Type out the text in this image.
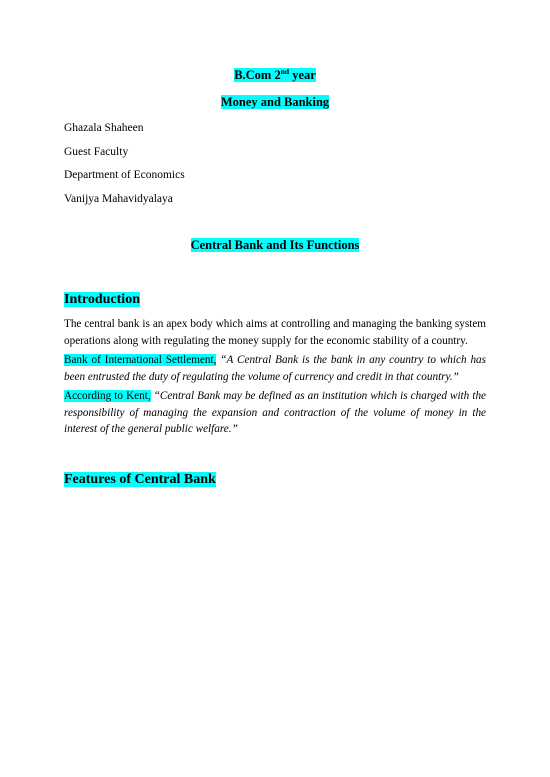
B.Com 2nd year
Money and Banking
Ghazala Shaheen
Guest Faculty
Department of Economics
Vanijya Mahavidyalaya
Central Bank and Its Functions
Introduction
The central bank is an apex body which aims at controlling and managing the banking system operations along with regulating the money supply for the economic stability of a country.
Bank of International Settlement, “A Central Bank is the bank in any country to which has been entrusted the duty of regulating the volume of currency and credit in that country.”
According to Kent, “Central Bank may be defined as an institution which is charged with the responsibility of managing the expansion and contraction of the volume of money in the interest of the general public welfare.”
Features of Central Bank
